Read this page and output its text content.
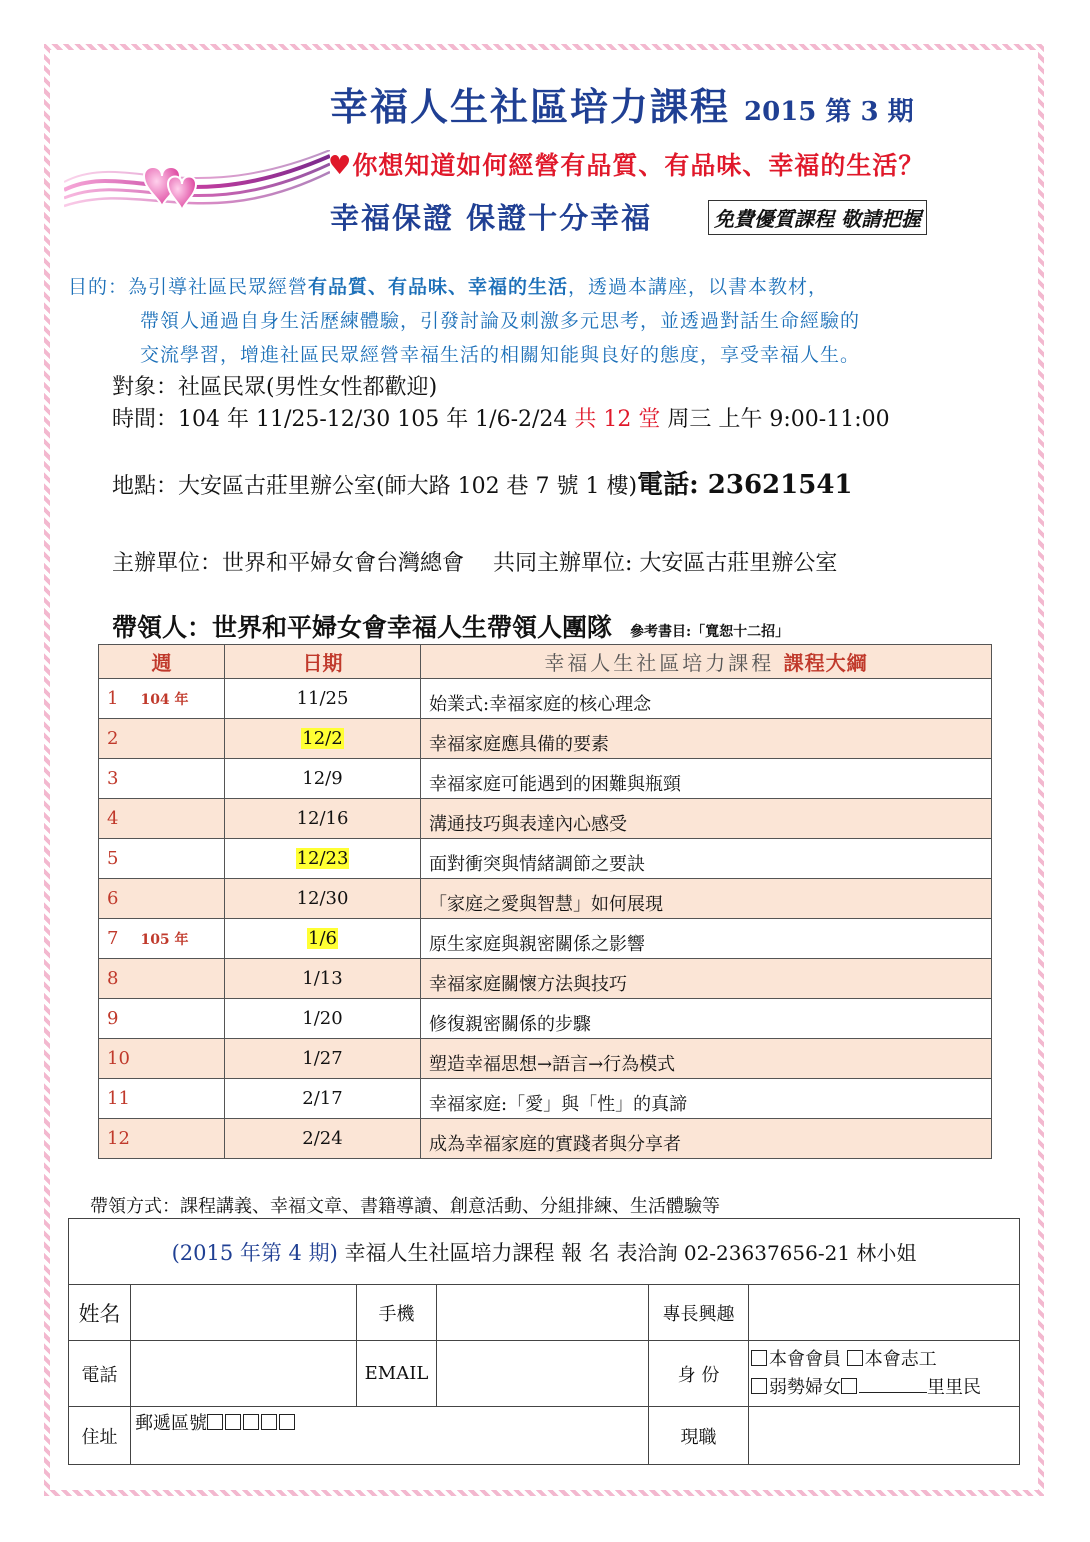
幸福人生社區培力課程 2015 第 3 期
♥你想知道如何經營有品質、有品味、幸福的生活？
幸福保證 保證十分幸福	免費優質課程 敬請把握
目的：為引導社區民眾經營有品質、有品味、幸福的生活，透過本講座，以書本教材，
帶領人通過自身生活歷練體驗，引發討論及刺激多元思考，並透過對話生命經驗的
交流學習，增進社區民眾經營幸福生活的相關知能與良好的態度，享受幸福人生。
對象：社區民眾(男性女性都歡迎)
時間：104 年 11/25-12/30 105 年 1/6-2/24 共 12 堂 周三 上午 9:00-11:00
地點：大安區古莊里辦公室(師大路 102 巷 7 號 1 樓)電話: 23621541
主辦單位：世界和平婦女會台灣總會　 共同主辦單位: 大安區古莊里辦公室
帶領人：世界和平婦女會幸福人生帶領人團隊 參考書目:「寬恕十二招」
週	日期	幸福人生社區培力課程 課程大綱
1 104 年	11/25	始業式:幸福家庭的核心理念
2	12/2	幸福家庭應具備的要素
3	12/9	幸福家庭可能遇到的困難與瓶頸
4	12/16	溝通技巧與表達內心感受
5	12/23	面對衝突與情緒調節之要訣
6	12/30	「家庭之愛與智慧」如何展現
7 105 年	1/6	原生家庭與親密關係之影響
8	1/13	幸福家庭關懷方法與技巧
9	1/20	修復親密關係的步驟
10	1/27	塑造幸福思想→語言→行為模式
11	2/17	幸福家庭:「愛」與「性」的真諦
12	2/24	成為幸福家庭的實踐者與分享者
帶領方式：課程講義、幸福文章、書籍導讀、創意活動、分組排練、生活體驗等
(2015 年第 4 期) 幸福人生社區培力課程 報 名 表洽詢 02-23637656-21 林小姐					
姓名		手機		專長興趣	
電話		EMAIL		身 份	本會會員 本會志工
弱勢婦女 里里民

住址	郵遞區號			現職	
